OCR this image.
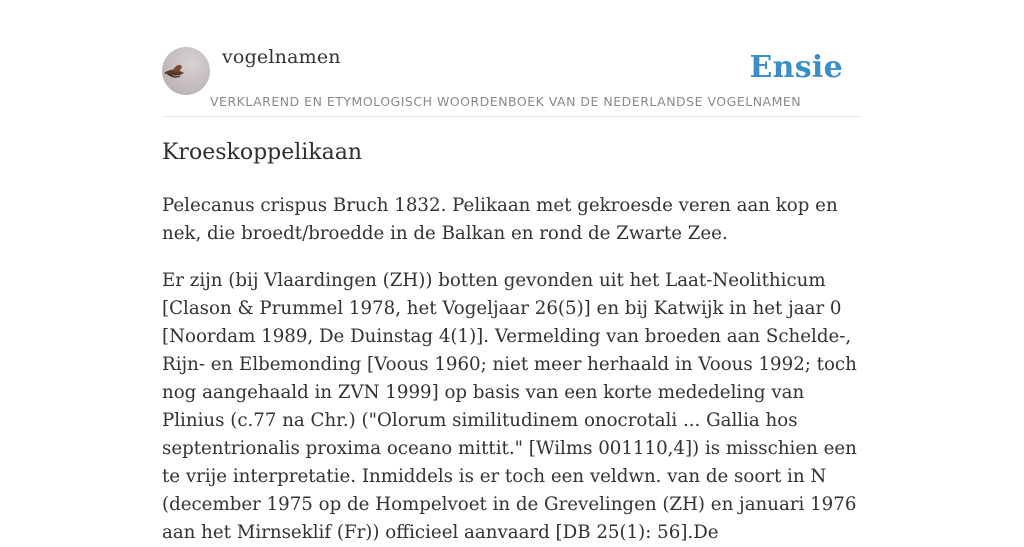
vogelnamen	Ensie
VERKLAREND EN ETYMOLOGISCH WOORDENBOEK VAN DE NEDERLANDSE VOGELNAMEN
Kroeskoppelikaan

Pelecanus crispus Bruch 1832. Pelikaan met gekroesde veren aan kop en nek, die broedt/broedde in de Balkan en rond de Zwarte Zee.

Er zijn (bij Vlaardingen (ZH)) botten gevonden uit het Laat-Neolithicum [Clason & Prummel 1978, het Vogeljaar 26(5)] en bij Katwijk in het jaar 0 [Noordam 1989, De Duinstag 4(1)]. Vermelding van broeden aan Schelde-, Rijn- en Elbemonding [Voous 1960; niet meer herhaald in Voous 1992; toch nog aangehaald in ZVN 1999] op basis van een korte mededeling van Plinius (c.77 na Chr.) ("Olorum similitudinem onocrotali ... Gallia hos septentrionalis proxima oceano mittit." [Wilms 001110,4]) is misschien een te vrije interpretatie. Inmiddels is er toch een veldwn. van de soort in N (december 1975 op de Hompelvoet in de Grevelingen (ZH) en januari 1976 aan het Mirnseklif (Fr)) officieel aanvaard [DB 25(1): 56].De
